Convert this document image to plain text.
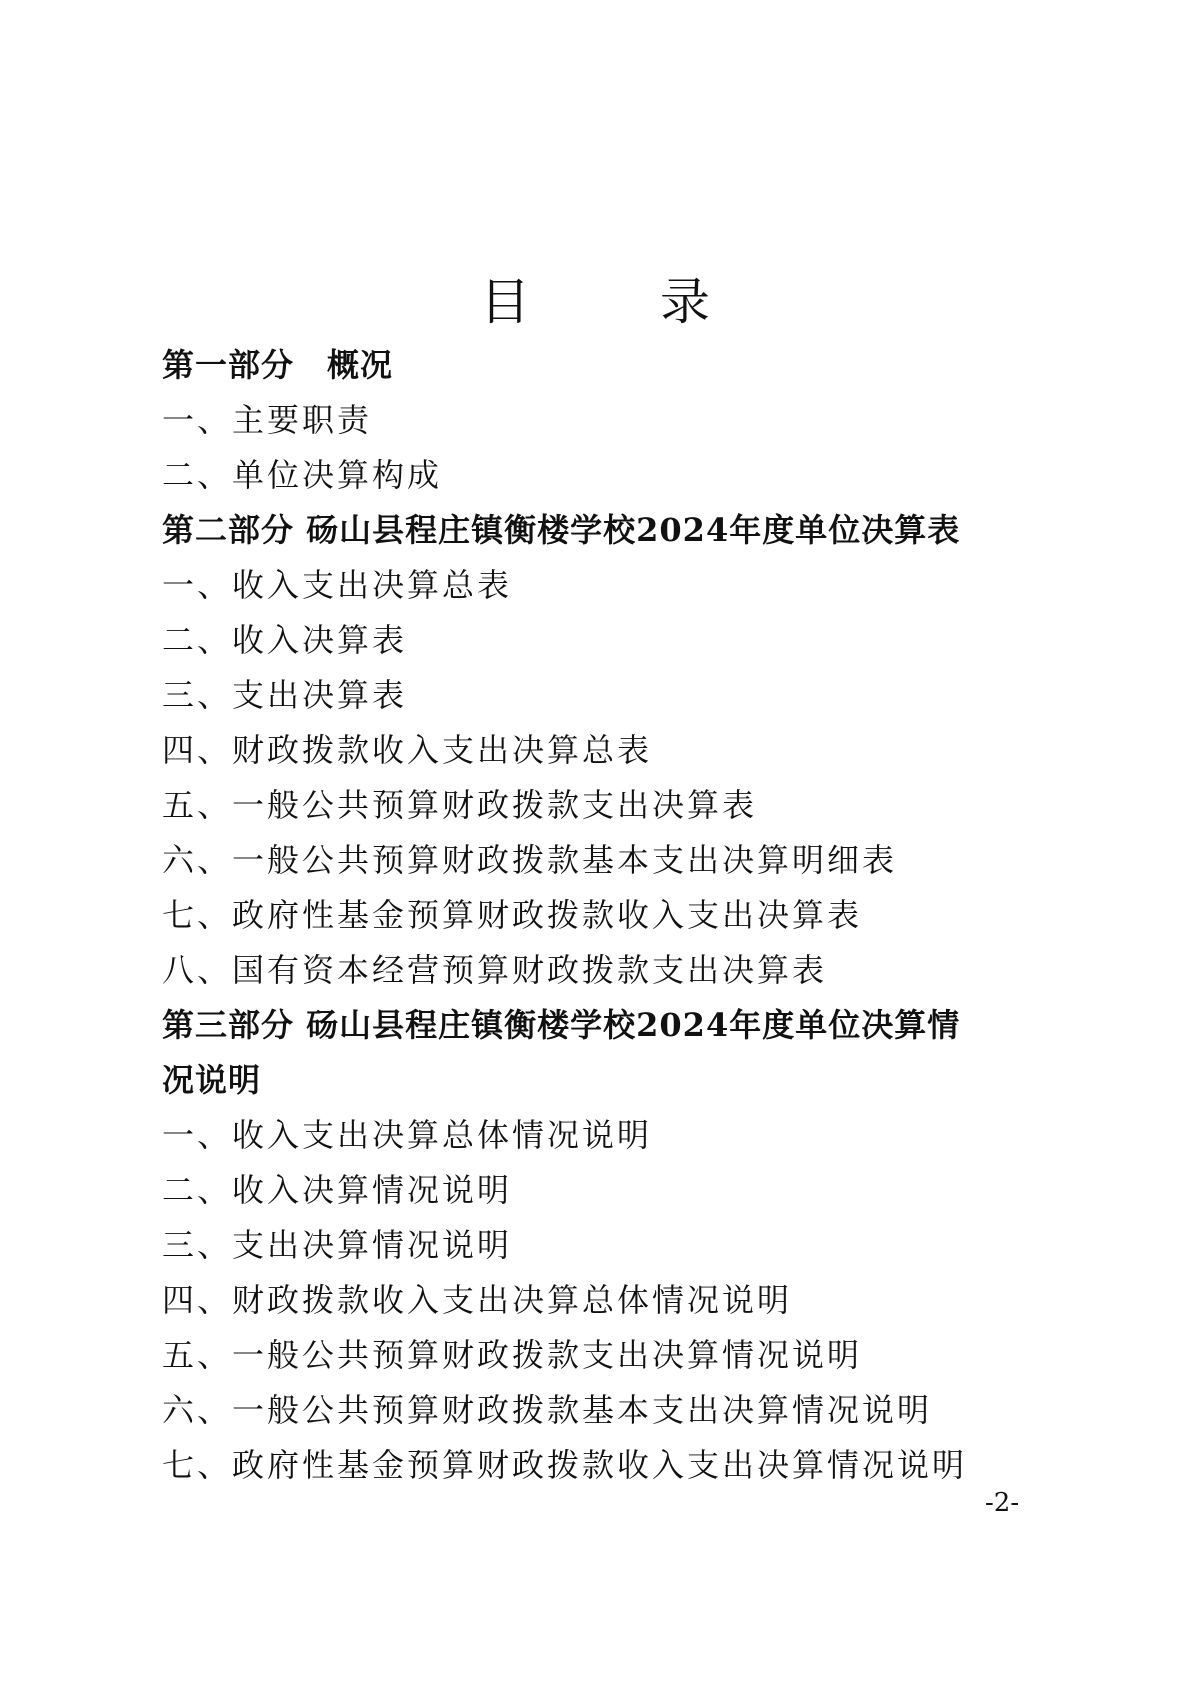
目　录
第一部分　概况
一、主要职责
二、单位决算构成
第二部分 砀山县程庄镇衡楼学校2024年度单位决算表
一、收入支出决算总表
二、收入决算表
三、支出决算表
四、财政拨款收入支出决算总表
五、一般公共预算财政拨款支出决算表
六、一般公共预算财政拨款基本支出决算明细表
七、政府性基金预算财政拨款收入支出决算表
八、国有资本经营预算财政拨款支出决算表
第三部分 砀山县程庄镇衡楼学校2024年度单位决算情
况说明
一、收入支出决算总体情况说明
二、收入决算情况说明
三、支出决算情况说明
四、财政拨款收入支出决算总体情况说明
五、一般公共预算财政拨款支出决算情况说明
六、一般公共预算财政拨款基本支出决算情况说明
七、政府性基金预算财政拨款收入支出决算情况说明
-2-
